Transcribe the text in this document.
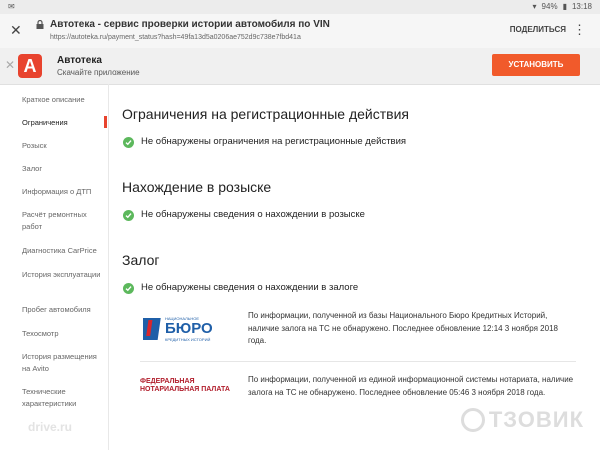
✉	▾ 94% ▮ 13:18
✕	Автотека - сервис проверки истории автомобиля по VIN
https://autoteka.ru/payment_status?hash=49fa13d5a0206ae752d9c738e7fbd41a
ПОДЕЛИТЬСЯ ⋮
✕ A	Автотека
Скачайте приложение
УСТАНОВИТЬ
Краткое описание
Ограничения
Розыск
Залог
Информация о ДТП
Расчёт ремонтных работ
Диагностика CarPrice
История эксплуатации
Пробег автомобиля
Техосмотр
История размещения на Avito
Технические характеристики
Ограничения на регистрационные действия
Не обнаружены ограничения на регистрационные действия
Нахождение в розыске
Не обнаружены сведения о нахождении в розыске
Залог
Не обнаружены сведения о нахождении в залоге
НАЦИОНАЛЬНОЕ
БЮРО
КРЕДИТНЫХ ИСТОРИЙ
По информации, полученной из базы Национального Бюро Кредитных Историй, наличие залога на ТС не обнаружено. Последнее обновление 12:14 3 ноября 2018 года.
ФЕДЕРАЛЬНАЯ
НОТАРИАЛЬНАЯ ПАЛАТА
По информации, полученной из единой информационной системы нотариата, наличие залога на ТС не обнаружено. Последнее обновление 05:46 3 ноября 2018 года.
drive.ru	ТЗОВИК
